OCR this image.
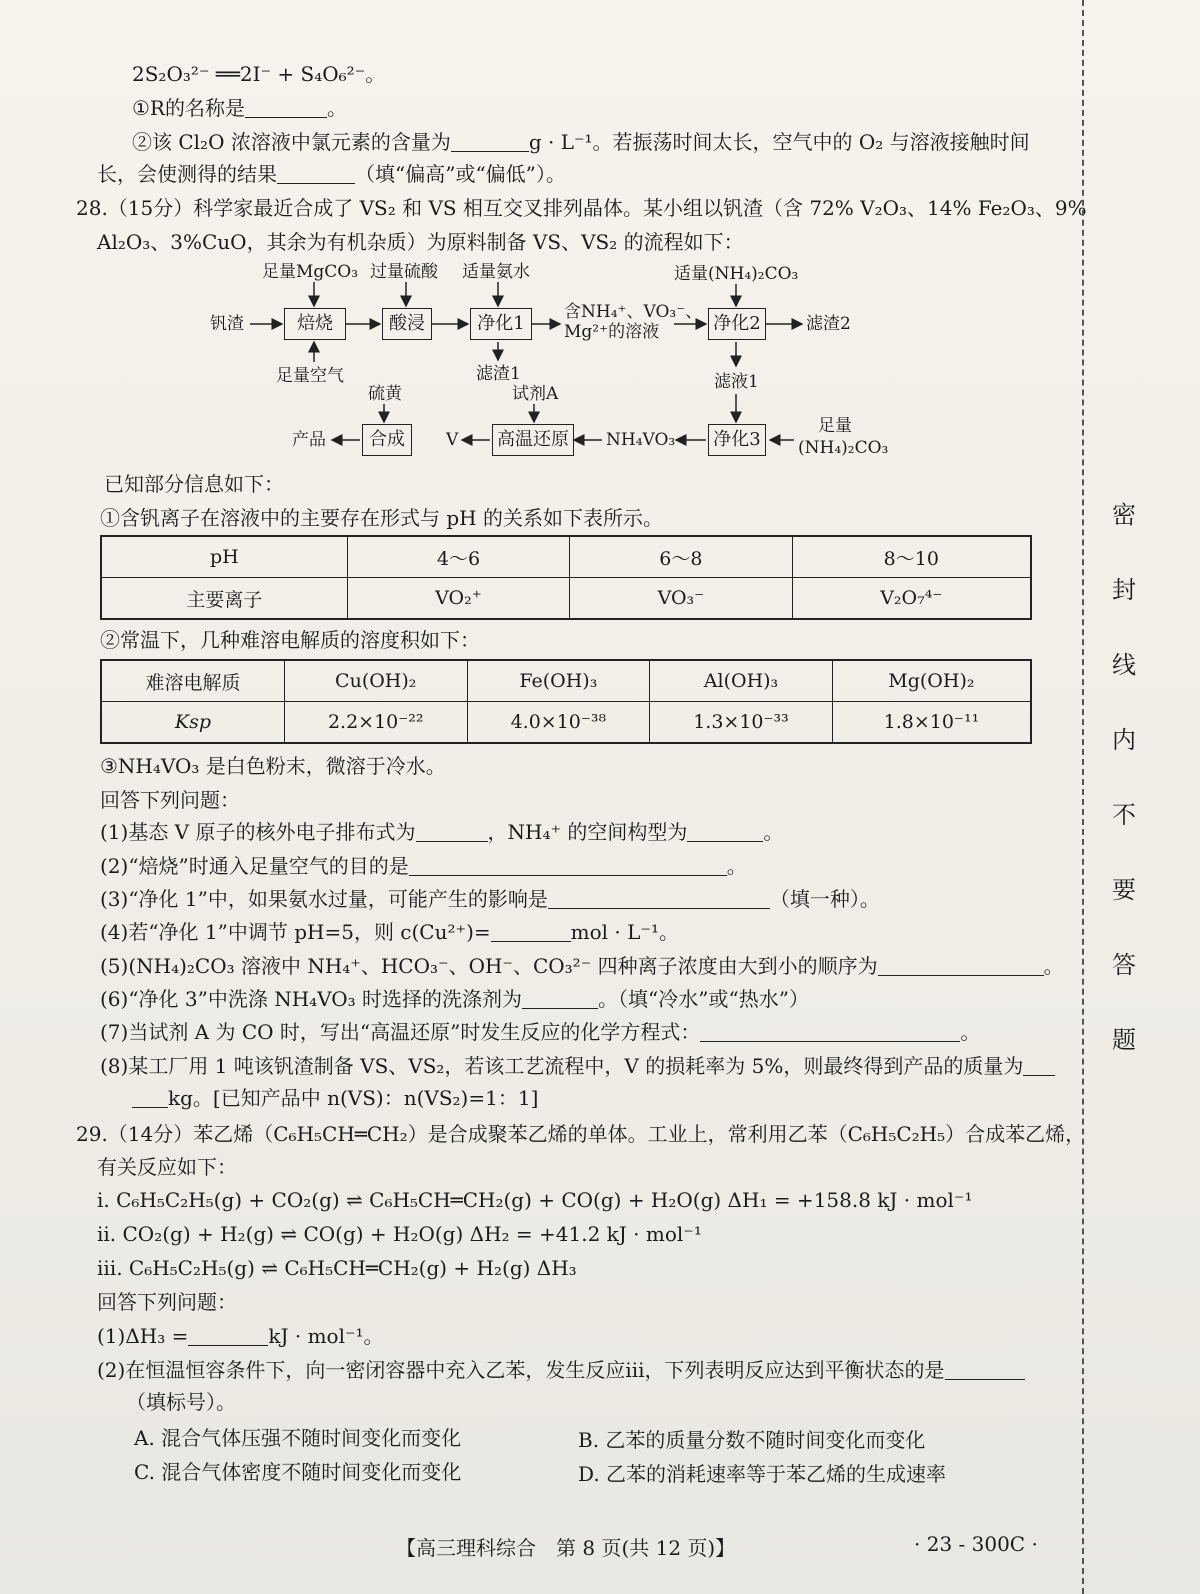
2S₂O₃²⁻ ══2I⁻ + S₄O₆²⁻。
①R的名称是	。
②该 Cl₂O 浓溶液中氯元素的含量为	g · L⁻¹。若振荡时间太长，空气中的 O₂ 与溶液接触时间
长，会使测得的结果	（填“偏高”或“偏低”）。
28.（15分）科学家最近合成了 VS₂ 和 VS 相互交叉排列晶体。某小组以钒渣（含 72% V₂O₃、14% Fe₂O₃、9%
Al₂O₃、3%CuO，其余为有机杂质）为原料制备 VS、VS₂ 的流程如下：
钒渣	焙烧
足量MgCO₃
足量空气
酸浸
过量硫酸
净化1
适量氨水
滤渣1
含NH₄⁺、VO₃⁻、
Mg²⁺的溶液	净化2
适量(NH₄)₂CO₃
滤渣2
滤液1
净化3
足量
(NH₄)₂CO₃
NH₄VO₃
高温还原
试剂A
V
合成
硫黄
产品
已知部分信息如下：
①含钒离子在溶液中的主要存在形式与 pH 的关系如下表所示。
pH	4～6	6～8	8～10
主要离子	VO₂⁺	VO₃⁻	V₂O₇⁴⁻
②常温下，几种难溶电解质的溶度积如下：
难溶电解质	Cu(OH)₂	Fe(OH)₃	Al(OH)₃	Mg(OH)₂
Ksp	2.2×10⁻²²	4.0×10⁻³⁸	1.3×10⁻³³	1.8×10⁻¹¹
③NH₄VO₃ 是白色粉末，微溶于冷水。
回答下列问题：
(1)基态 V 原子的核外电子排布式为	，NH₄⁺ 的空间构型为	。
(2)“焙烧”时通入足量空气的目的是	。
(3)“净化 1”中，如果氨水过量，可能产生的影响是	（填一种）。
(4)若“净化 1”中调节 pH=5，则 c(Cu²⁺)=	mol · L⁻¹。
(5)(NH₄)₂CO₃ 溶液中 NH₄⁺、HCO₃⁻、OH⁻、CO₃²⁻ 四种离子浓度由大到小的顺序为	。
(6)“净化 3”中洗涤 NH₄VO₃ 时选择的洗涤剂为	。（填“冷水”或“热水”）
(7)当试剂 A 为 CO 时，写出“高温还原”时发生反应的化学方程式：	。
(8)某工厂用 1 吨该钒渣制备 VS、VS₂，若该工艺流程中，V 的损耗率为 5%，则最终得到产品的质量为
kg。[已知产品中 n(VS)：n(VS₂)=1：1]
29.（14分）苯乙烯（C₆H₅CH═CH₂）是合成聚苯乙烯的单体。工业上，常利用乙苯（C₆H₅C₂H₅）合成苯乙烯，
有关反应如下：
ⅰ. C₆H₅C₂H₅(g) + CO₂(g) ⇌ C₆H₅CH═CH₂(g) + CO(g) + H₂O(g) ΔH₁ = +158.8 kJ · mol⁻¹
ⅱ. CO₂(g) + H₂(g) ⇌ CO(g) + H₂O(g) ΔH₂ = +41.2 kJ · mol⁻¹
ⅲ. C₆H₅C₂H₅(g) ⇌ C₆H₅CH═CH₂(g) + H₂(g) ΔH₃
回答下列问题：
(1)ΔH₃ =	kJ · mol⁻¹。
(2)在恒温恒容条件下，向一密闭容器中充入乙苯，发生反应ⅲ，下列表明反应达到平衡状态的是
（填标号）。
A. 混合气体压强不随时间变化而变化	B. 乙苯的质量分数不随时间变化而变化
C. 混合气体密度不随时间变化而变化	D. 乙苯的消耗速率等于苯乙烯的生成速率
【高三理科综合　第 8 页(共 12 页)】	· 23 - 300C ·
密
封
线
内
不
要
答
题
